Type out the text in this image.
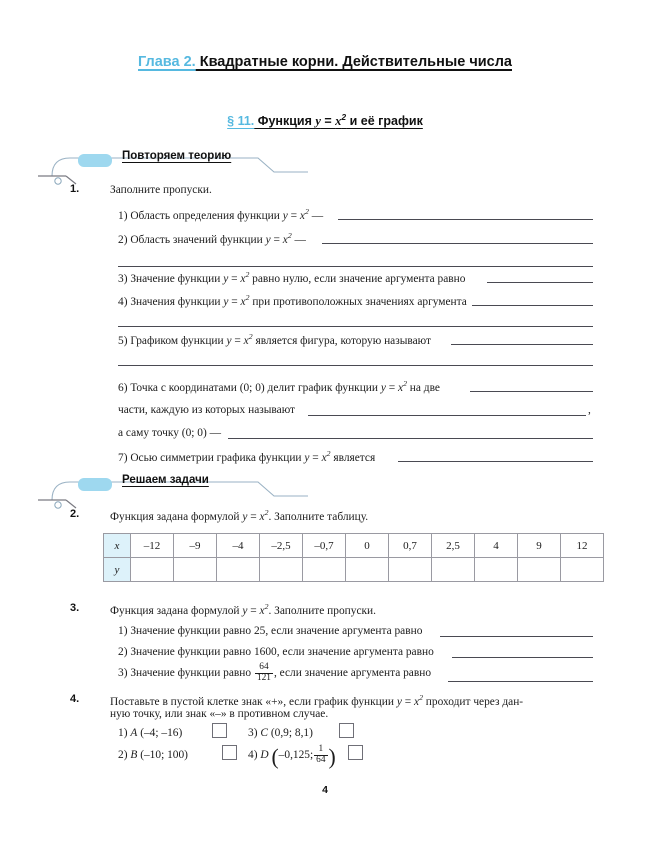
Глава 2. Квадратные корни. Действительные числа
§ 11. Функция $y = x^2$ и её график
Повторяем теорию
1.	Заполните пропуски.
1) Область определения функции $y = x^2$ —
2) Область значений функции $y = x^2$ —
3) Значение функции $y = x^2$ равно нулю, если значение аргумента равно
4) Значения функции $y = x^2$ при противоположных значениях аргумента
5) Графиком функции $y = x^2$ является фигура, которую называют
6) Точка с координатами (0; 0) делит график функции $y = x^2$ на две
части, каждую из которых называют	,
а саму точку (0; 0) —
7) Осью симметрии графика функции $y = x^2$ является
Решаем задачи
2.	Функция задана формулой $y = x^2$. Заполните таблицу.
x	–12	–9	–4	–2,5	–0,7	0	0,7	2,5	4	9	12
y											
3.	Функция задана формулой $y = x^2$. Заполните пропуски.
1) Значение функции равно 25, если значение аргумента равно
2) Значение функции равно 1600, если значение аргумента равно
3) Значение функции равно $\frac{64}{121}$ , если значение аргумента равно
4.	Поставьте в пустой клетке знак «+», если график функции $y = x^2$ проходит через дан-
ную точку, или знак «–» в противном случае.
1) A (–4; –16)
2) B (–10; 100)
3) C (0,9; 8,1)
4) D (–0,125; $\frac{1}{64}$ )
4
